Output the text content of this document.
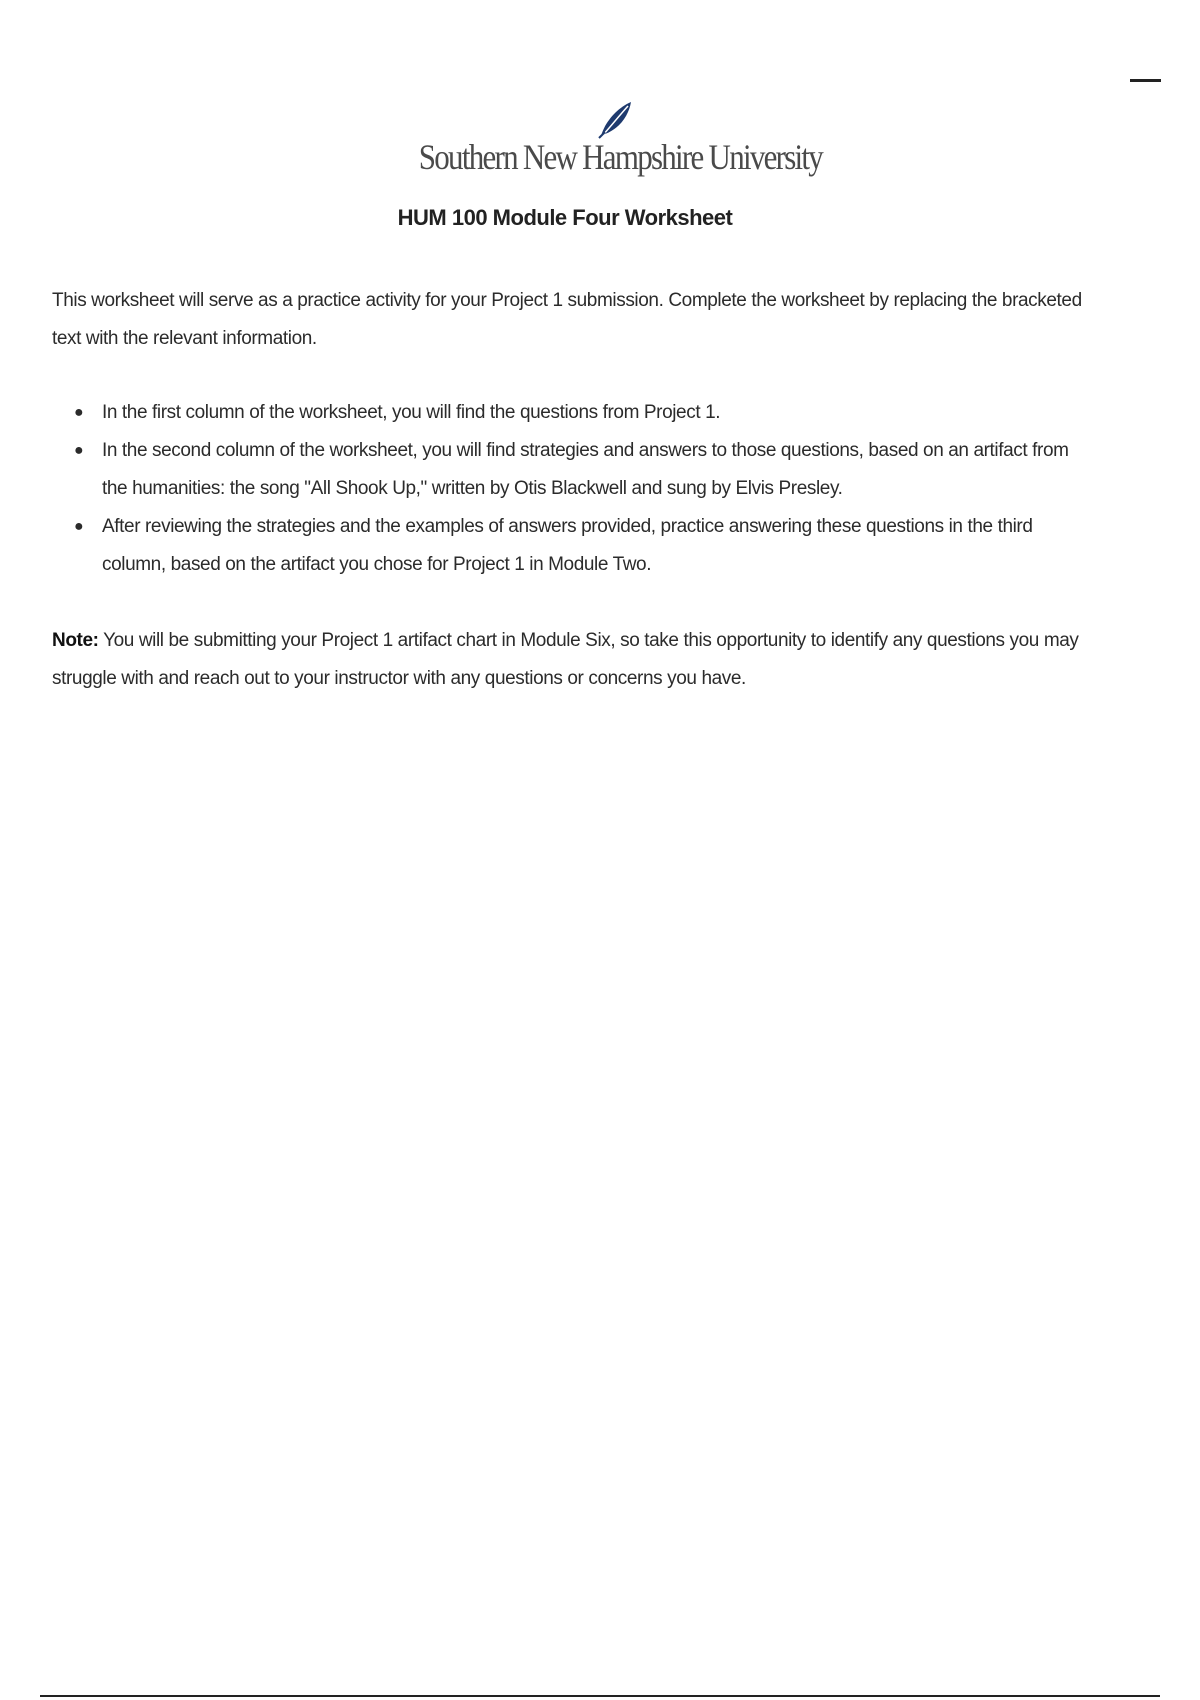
Southern New Hampshire University
HUM 100 Module Four Worksheet

This worksheet will serve as a practice activity for your Project 1 submission. Complete the worksheet by replacing the bracketed text with the relevant information.

● In the first column of the worksheet, you will find the questions from Project 1.
● In the second column of the worksheet, you will find strategies and answers to those questions, based on an artifact from the humanities: the song "All Shook Up," written by Otis Blackwell and sung by Elvis Presley.
● After reviewing the strategies and the examples of answers provided, practice answering these questions in the third column, based on the artifact you chose for Project 1 in Module Two.

Note: You will be submitting your Project 1 artifact chart in Module Six, so take this opportunity to identify any questions you may struggle with and reach out to your instructor with any questions or concerns you have.
